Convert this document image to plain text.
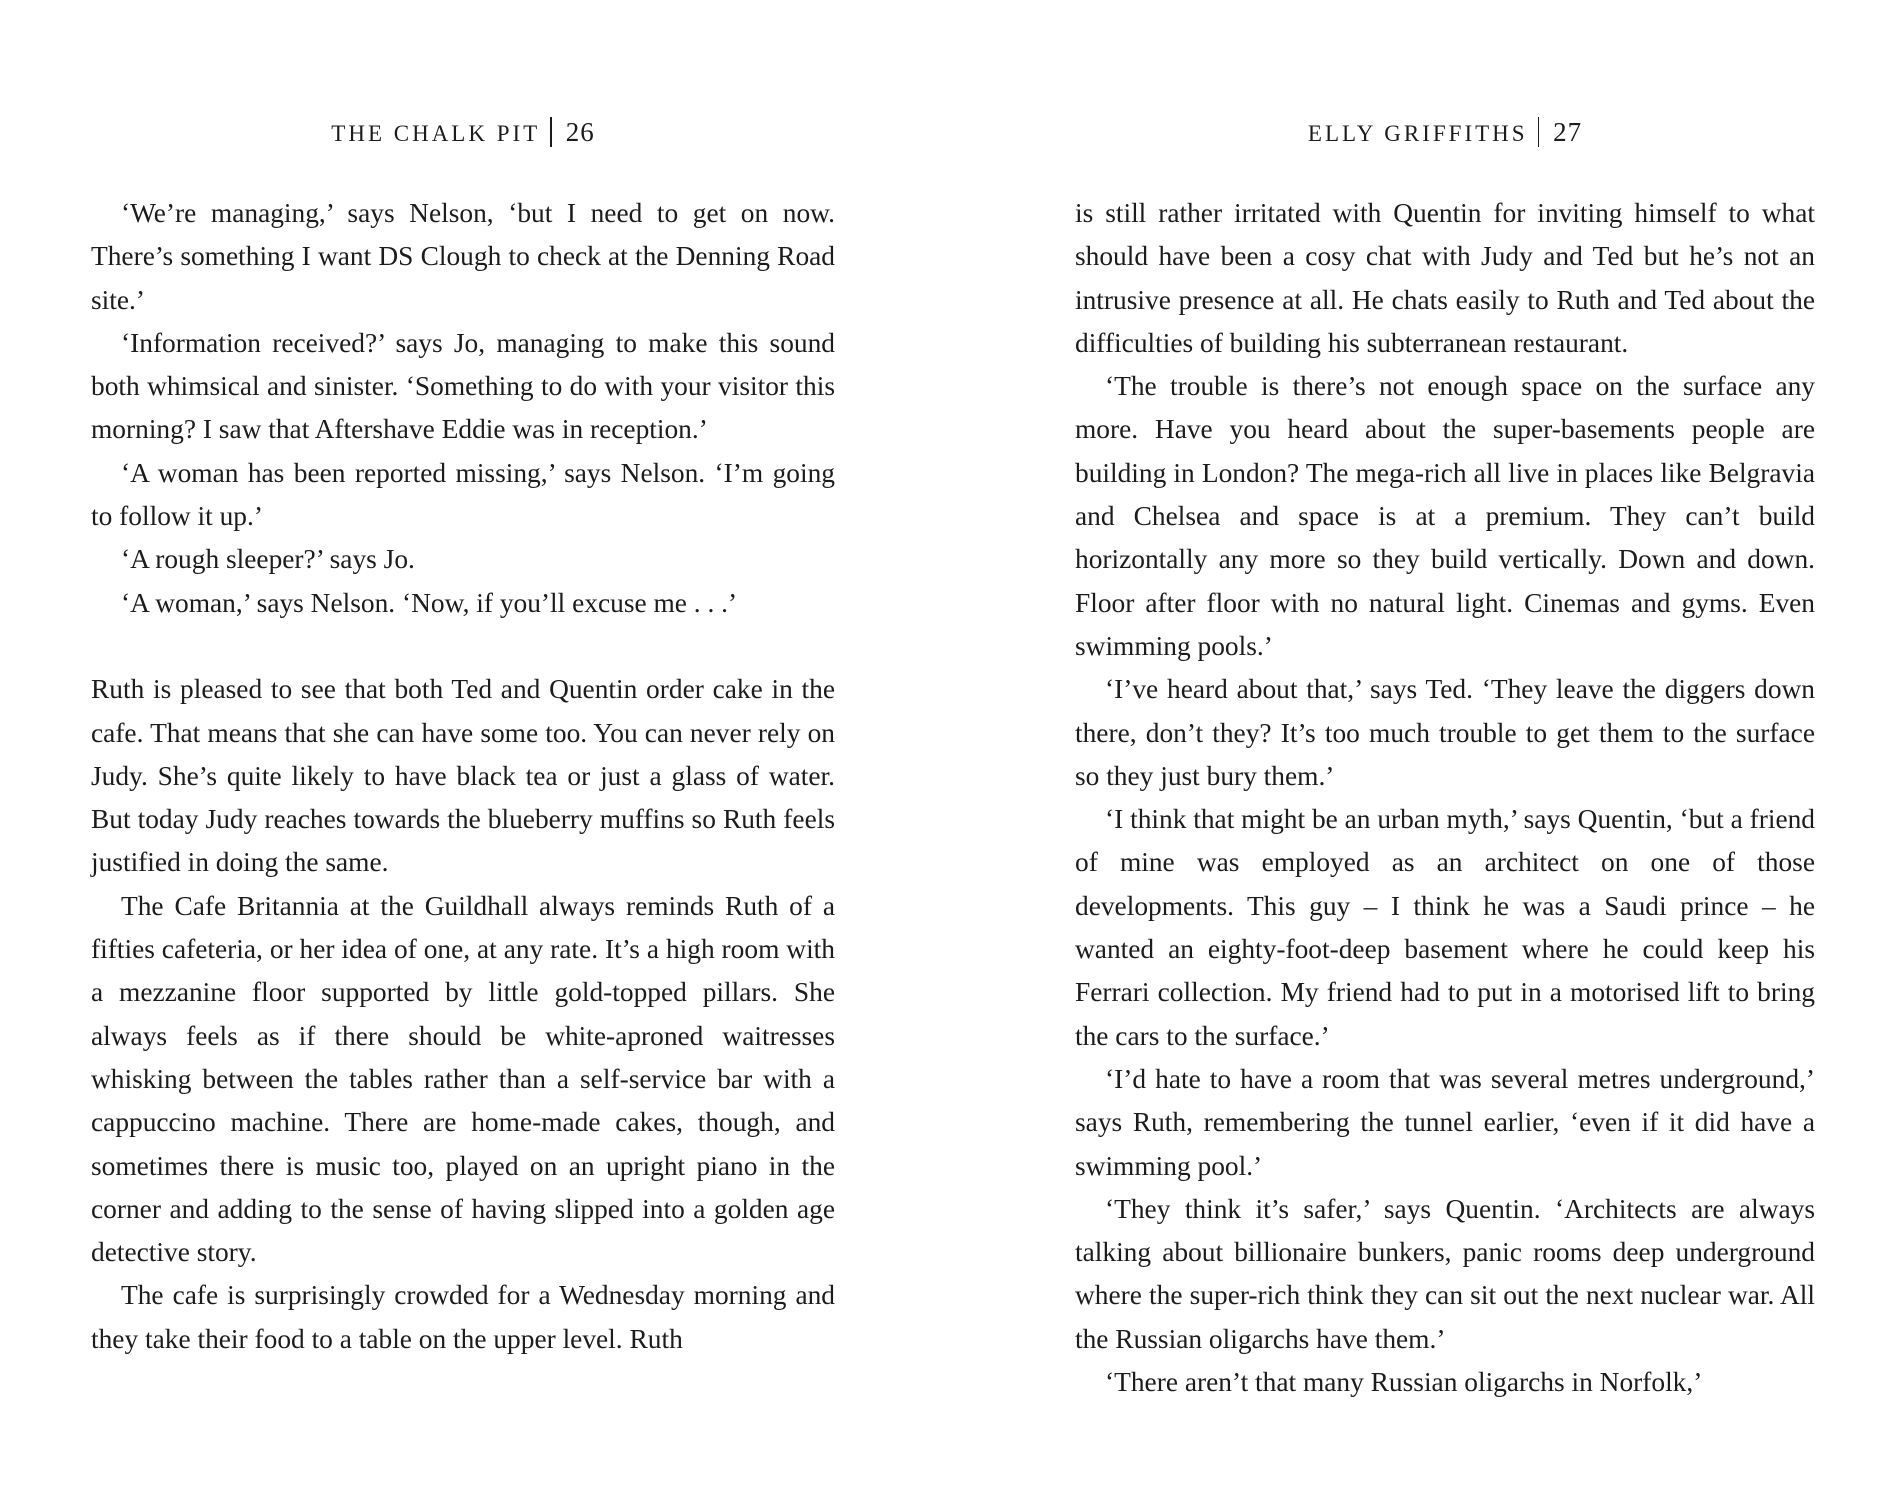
THE CHALK PIT 26

‘We’re managing,’ says Nelson, ‘but I need to get on now. There’s something I want DS Clough to check at the Denning Road site.’

‘Information received?’ says Jo, managing to make this sound both whimsical and sinister. ‘Something to do with your visitor this morning? I saw that Aftershave Eddie was in reception.’

‘A woman has been reported missing,’ says Nelson. ‘I’m going to follow it up.’

‘A rough sleeper?’ says Jo.

‘A woman,’ says Nelson. ‘Now, if you’ll excuse me . . .’

Ruth is pleased to see that both Ted and Quentin order cake in the cafe. That means that she can have some too. You can never rely on Judy. She’s quite likely to have black tea or just a glass of water. But today Judy reaches towards the blueberry muffins so Ruth feels justified in doing the same.

The Cafe Britannia at the Guildhall always reminds Ruth of a fifties cafeteria, or her idea of one, at any rate. It’s a high room with a mezzanine floor supported by little gold-topped pillars. She always feels as if there should be white-aproned waitresses whisking between the tables rather than a self-service bar with a cappuccino machine. There are home-made cakes, though, and sometimes there is music too, played on an upright piano in the corner and adding to the sense of having slipped into a golden age detective story.

The cafe is surprisingly crowded for a Wednesday morning and they take their food to a table on the upper level. Ruth

ELLY GRIFFITHS 27

is still rather irritated with Quentin for inviting himself to what should have been a cosy chat with Judy and Ted but he’s not an intrusive presence at all. He chats easily to Ruth and Ted about the difficulties of building his subterranean restaurant.

‘The trouble is there’s not enough space on the surface any more. Have you heard about the super-basements people are building in London? The mega-rich all live in places like Belgravia and Chelsea and space is at a premium. They can’t build horizontally any more so they build vertically. Down and down. Floor after floor with no natural light. Cinemas and gyms. Even swimming pools.’

‘I’ve heard about that,’ says Ted. ‘They leave the diggers down there, don’t they? It’s too much trouble to get them to the surface so they just bury them.’

‘I think that might be an urban myth,’ says Quentin, ‘but a friend of mine was employed as an architect on one of those developments. This guy – I think he was a Saudi prince – he wanted an eighty-foot-deep basement where he could keep his Ferrari collection. My friend had to put in a motorised lift to bring the cars to the surface.’

‘I’d hate to have a room that was several metres underground,’ says Ruth, remembering the tunnel earlier, ‘even if it did have a swimming pool.’

‘They think it’s safer,’ says Quentin. ‘Architects are always talking about billionaire bunkers, panic rooms deep underground where the super-rich think they can sit out the next nuclear war. All the Russian oligarchs have them.’

‘There aren’t that many Russian oligarchs in Norfolk,’
